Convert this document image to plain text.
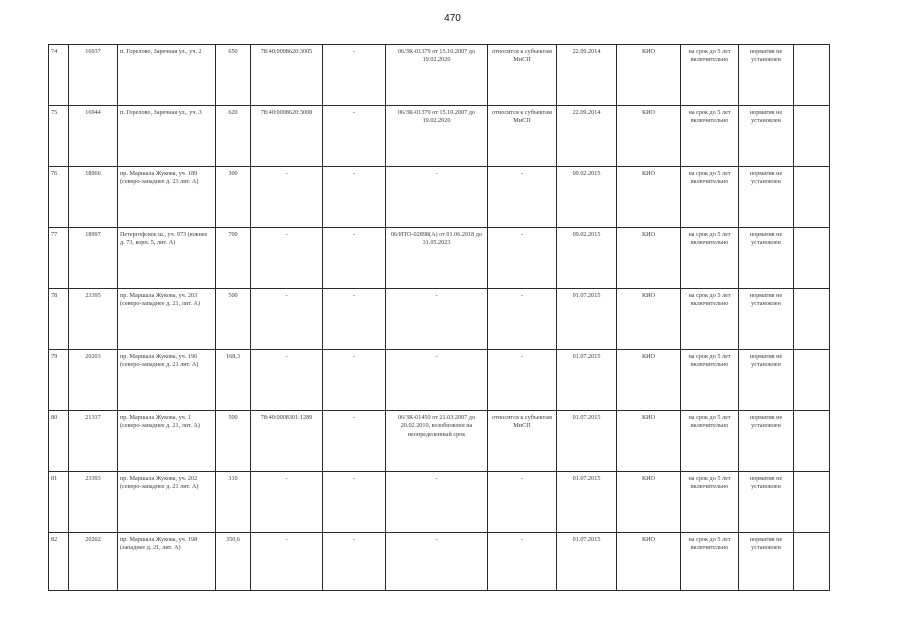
470
74	16937	п. Горелово, Заречная ул., уч. 2	650	78:40:0008620:3005	-	06/ЗК-01379 от 15.10.2007 до 19.02.2020	относится к субъектам МиСП	22.09.2014	КИО	на срок до 5 лет включительно	норматив не установлен	
75	16944	п. Горелово, Заречная ул., уч. 3	620	78:40:0008620:3008	-	06/ЗК-01379 от 15.10.2007 до 19.02.2020	относится к субъектам МиСП	22.09.2014	КИО	на срок до 5 лет включительно	норматив не установлен	
76	18966	пр. Маршала Жукова, уч. 189 (северо-западнее д. 23 лит. А)	300	-	-	-	-	09.02.2015	КИО	на срок до 5 лет включительно	норматив не установлен	
77	18997	Петергофское ш., уч. 973 (южнее д. 73, корп. 5, лит. А)	700	-	-	06/ИТО-02898(А) от 01.06.2018 до 31.05.2023	-	09.02.2015	КИО	на срок до 5 лет включительно	норматив не установлен	
78	23395	пр. Маршала Жукова, уч. 203 (северо-западнее д. 21, лит. А)	500	-	-	-	-	01.07.2015	КИО	на срок до 5 лет включительно	норматив не установлен	
79	20203	пр. Маршала Жукова, уч. 196 (северо-западнее д. 21 лит. А)	168,3	-	-	-	-	01.07.2015	КИО	на срок до 5 лет включительно	норматив не установлен	
80	21337	пр. Маршала Жукова, уч. 1 (северо-западнее д. 21, лит. А)	500	78:40:0008301:1289	-	06/ЗК-01450 от 21.03.2007 до 20.02.2010, возобновлен на неопределенный срок	относится к субъектам МиСП	01.07.2015	КИО	на срок до 5 лет включительно	норматив не установлен	
81	23393	пр. Маршала Жукова, уч. 202 (северо-западнее д. 21 лит. А)	310	-	-	-	-	01.07.2015	КИО	на срок до 5 лет включительно	норматив не установлен	
82	20202	пр. Маршала Жукова, уч. 198 (западнее д. 21, лит. А)	350,6	-	-	-	-	01.07.2015	КИО	на срок до 5 лет включительно	норматив не установлен	
